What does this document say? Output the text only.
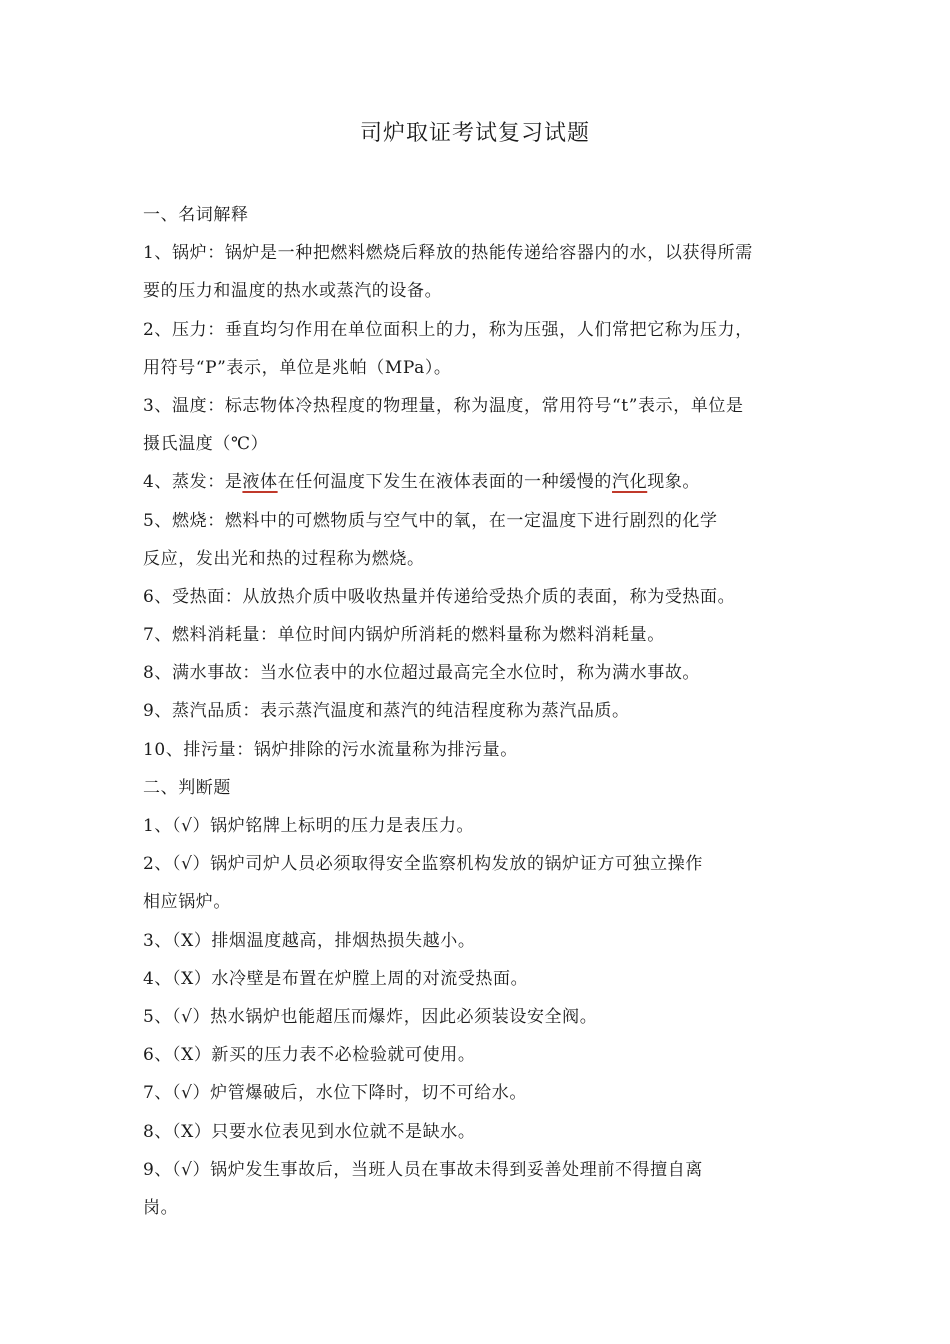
司炉取证考试复习试题
一、名词解释
1、锅炉：锅炉是一种把燃料燃烧后释放的热能传递给容器内的水，以获得所需
要的压力和温度的热水或蒸汽的设备。
2、压力：垂直均匀作用在单位面积上的力，称为压强，人们常把它称为压力，
用符号“P”表示，单位是兆帕（MPa）。
3、温度：标志物体冷热程度的物理量，称为温度，常用符号“t”表示，单位是
摄氏温度（℃）
4、蒸发：是液体在任何温度下发生在液体表面的一种缓慢的汽化现象。
5、燃烧：燃料中的可燃物质与空气中的氧，在一定温度下进行剧烈的化学
反应，发出光和热的过程称为燃烧。
6、受热面：从放热介质中吸收热量并传递给受热介质的表面，称为受热面。
7、燃料消耗量：单位时间内锅炉所消耗的燃料量称为燃料消耗量。
8、满水事故：当水位表中的水位超过最高完全水位时，称为满水事故。
9、蒸汽品质：表示蒸汽温度和蒸汽的纯洁程度称为蒸汽品质。
10、排污量：锅炉排除的污水流量称为排污量。
二、判断题
1、（√）锅炉铭牌上标明的压力是表压力。
2、（√）锅炉司炉人员必须取得安全监察机构发放的锅炉证方可独立操作
相应锅炉。
3、（X）排烟温度越高，排烟热损失越小。
4、（X）水冷壁是布置在炉膛上周的对流受热面。
5、（√）热水锅炉也能超压而爆炸，因此必须装设安全阀。
6、（X）新买的压力表不必检验就可使用。
7、（√）炉管爆破后，水位下降时，切不可给水。
8、（X）只要水位表见到水位就不是缺水。
9、（√）锅炉发生事故后，当班人员在事故未得到妥善处理前不得擅自离
岗。
